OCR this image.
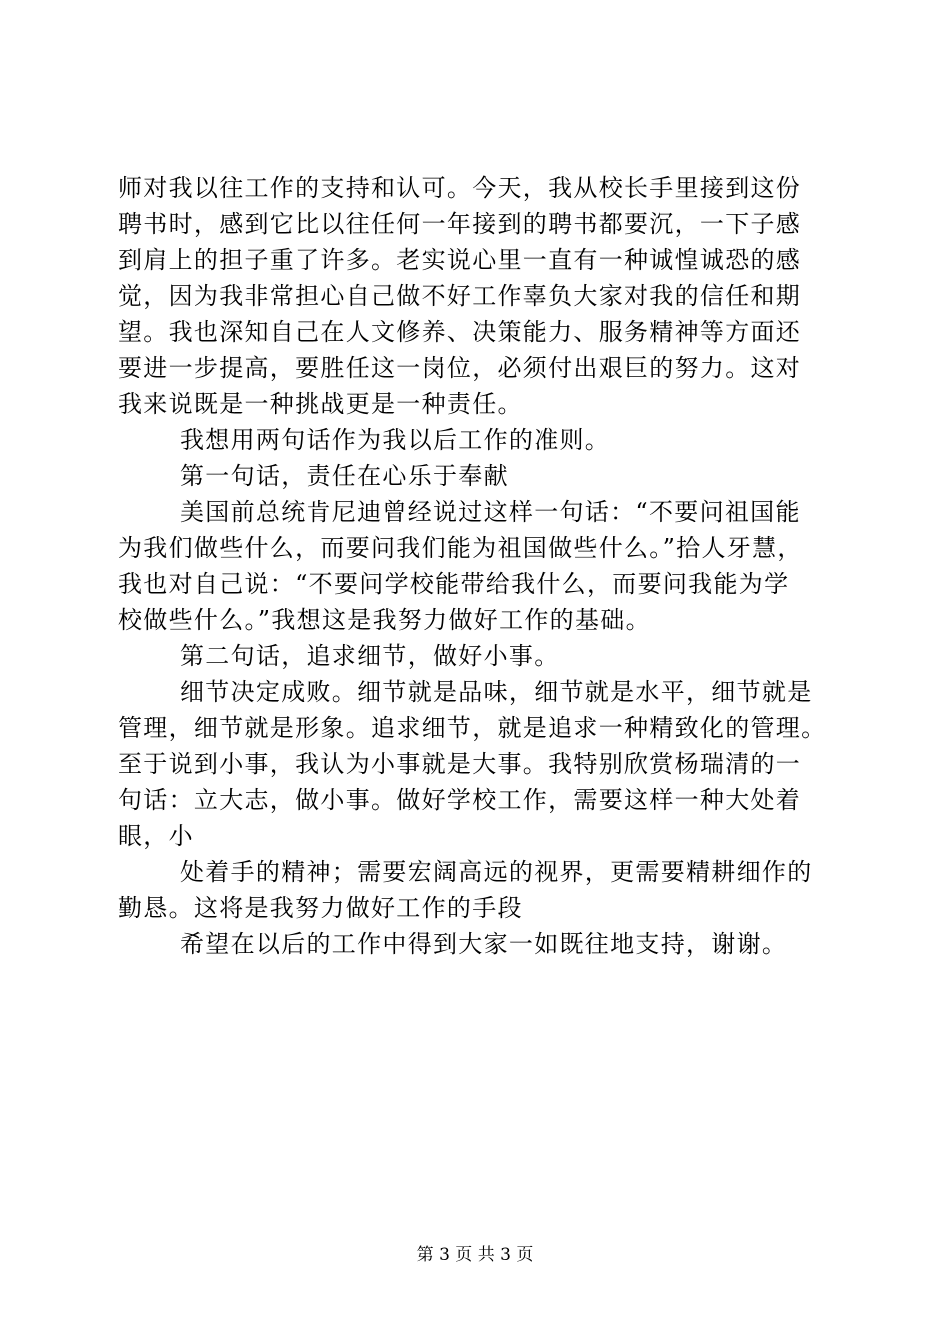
师对我以往工作的支持和认可。今天，我从校长手里接到这份
聘书时，感到它比以往任何一年接到的聘书都要沉，一下子感
到肩上的担子重了许多。老实说心里一直有一种诚惶诚恐的感
觉，因为我非常担心自己做不好工作辜负大家对我的信任和期
望。我也深知自己在人文修养、决策能力、服务精神等方面还
要进一步提高，要胜任这一岗位，必须付出艰巨的努力。这对
我来说既是一种挑战更是一种责任。
我想用两句话作为我以后工作的准则。
第一句话，责任在心乐于奉献
美国前总统肯尼迪曾经说过这样一句话：“不要问祖国能
为我们做些什么，而要问我们能为祖国做些什么。”拾人牙慧，
我也对自己说：“不要问学校能带给我什么，而要问我能为学
校做些什么。”我想这是我努力做好工作的基础。
第二句话，追求细节，做好小事。
细节决定成败。细节就是品味，细节就是水平，细节就是
管理，细节就是形象。追求细节，就是追求一种精致化的管理。
至于说到小事，我认为小事就是大事。我特别欣赏杨瑞清的一
句话：立大志，做小事。做好学校工作，需要这样一种大处着
眼，小
处着手的精神；需要宏阔高远的视界，更需要精耕细作的
勤恳。这将是我努力做好工作的手段
希望在以后的工作中得到大家一如既往地支持，谢谢。
第 3 页 共 3 页
